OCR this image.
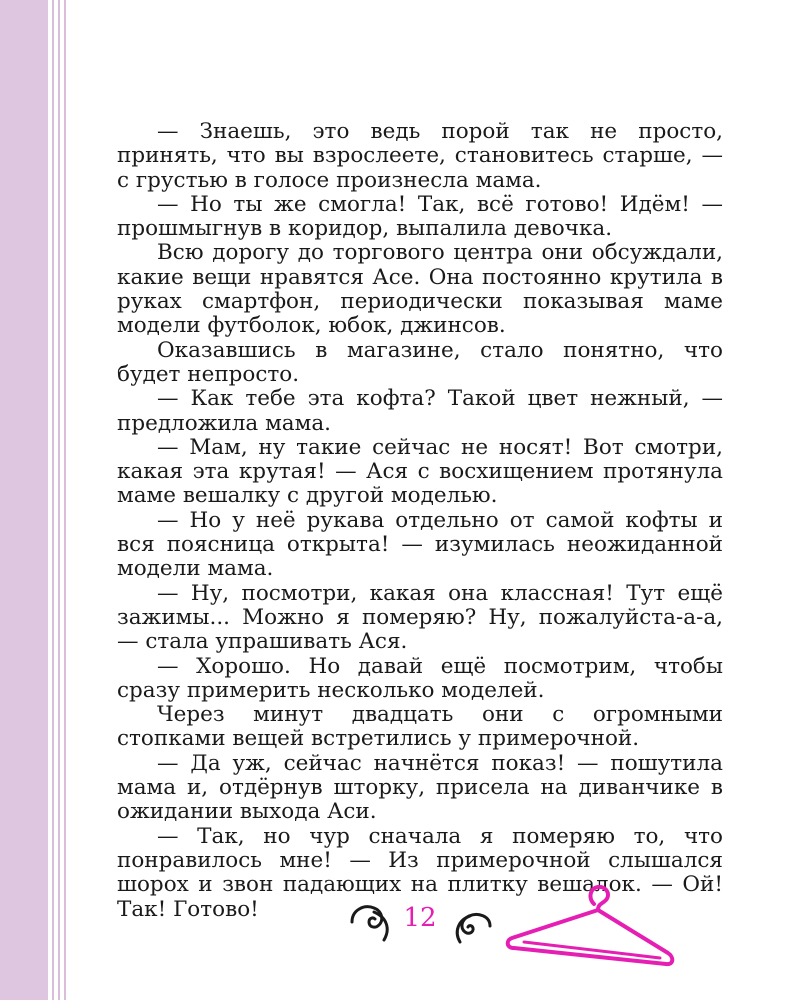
— Знаешь, это ведь порой так не просто, принять, что вы взрослеете, становитесь старше, — с грустью в голосе произнесла мама.

— Но ты же смогла! Так, всё готово! Идём! — прошмыгнув в коридор, выпалила девочка.

Всю дорогу до торгового центра они обсуждали, какие вещи нравятся Асе. Она постоянно крутила в руках смартфон, периодически показывая маме модели футболок, юбок, джинсов.

Оказавшись в магазине, стало понятно, что будет непросто.

— Как тебе эта кофта? Такой цвет нежный, — предложила мама.

— Мам, ну такие сейчас не носят! Вот смотри, какая эта крутая! — Ася с восхищением протянула маме вешалку с другой моделью.

— Но у неё рукава отдельно от самой кофты и вся поясница открыта! — изумилась неожиданной модели мама.

— Ну, посмотри, какая она классная! Тут ещё зажимы... Можно я померяю? Ну, пожалуйста-а-а, — стала упрашивать Ася.

— Хорошо. Но давай ещё посмотрим, чтобы сразу примерить несколько моделей.

Через минут двадцать они с огромными стопками вещей встретились у примерочной.

— Да уж, сейчас начнётся показ! — пошутила мама и, отдёрнув шторку, присела на диванчике в ожидании выхода Аси.

— Так, но чур сначала я померяю то, что понравилось мне! — Из примерочной слышался шорох и звон падающих на плитку вешалок. — Ой! Так! Готово!	12
